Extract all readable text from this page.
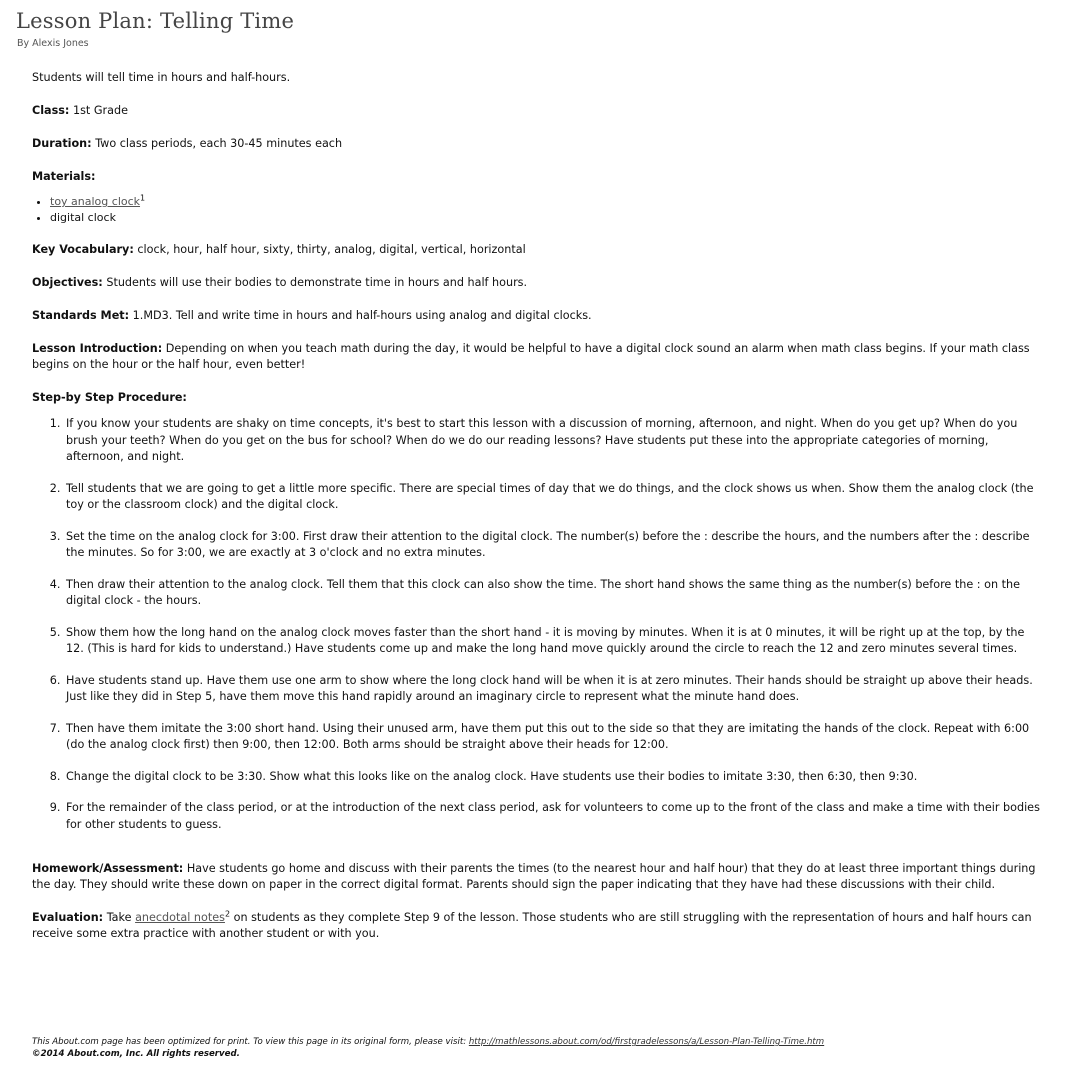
Lesson Plan: Telling Time
By Alexis Jones

Students will tell time in hours and half-hours.

Class: 1st Grade

Duration: Two class periods, each 30-45 minutes each

Materials:

• toy analog clock$^1$
• digital clock

Key Vocabulary: clock, hour, half hour, sixty, thirty, analog, digital, vertical, horizontal

Objectives: Students will use their bodies to demonstrate time in hours and half hours.

Standards Met: 1.MD3. Tell and write time in hours and half-hours using analog and digital clocks.

Lesson Introduction: Depending on when you teach math during the day, it would be helpful to have a digital clock sound an alarm when math class begins. If your math class begins on the hour or the half hour, even better!

Step-by Step Procedure:

1. If you know your students are shaky on time concepts, it's best to start this lesson with a discussion of morning, afternoon, and night. When do you get up? When do you brush your teeth? When do you get on the bus for school? When do we do our reading lessons? Have students put these into the appropriate categories of morning, afternoon, and night.
2. Tell students that we are going to get a little more specific. There are special times of day that we do things, and the clock shows us when. Show them the analog clock (the toy or the classroom clock) and the digital clock.
3. Set the time on the analog clock for 3:00. First draw their attention to the digital clock. The number(s) before the : describe the hours, and the numbers after the : describe the minutes. So for 3:00, we are exactly at 3 o'clock and no extra minutes.
4. Then draw their attention to the analog clock. Tell them that this clock can also show the time. The short hand shows the same thing as the number(s) before the : on the digital clock - the hours.
5. Show them how the long hand on the analog clock moves faster than the short hand - it is moving by minutes. When it is at 0 minutes, it will be right up at the top, by the 12. (This is hard for kids to understand.) Have students come up and make the long hand move quickly around the circle to reach the 12 and zero minutes several times.
6. Have students stand up. Have them use one arm to show where the long clock hand will be when it is at zero minutes. Their hands should be straight up above their heads. Just like they did in Step 5, have them move this hand rapidly around an imaginary circle to represent what the minute hand does.
7. Then have them imitate the 3:00 short hand. Using their unused arm, have them put this out to the side so that they are imitating the hands of the clock. Repeat with 6:00 (do the analog clock first) then 9:00, then 12:00. Both arms should be straight above their heads for 12:00.
8. Change the digital clock to be 3:30. Show what this looks like on the analog clock. Have students use their bodies to imitate 3:30, then 6:30, then 9:30.
9. For the remainder of the class period, or at the introduction of the next class period, ask for volunteers to come up to the front of the class and make a time with their bodies for other students to guess.

Homework/Assessment: Have students go home and discuss with their parents the times (to the nearest hour and half hour) that they do at least three important things during the day. They should write these down on paper in the correct digital format. Parents should sign the paper indicating that they have had these discussions with their child.

Evaluation: Take anecdotal notes$^2$ on students as they complete Step 9 of the lesson. Those students who are still struggling with the representation of hours and half hours can receive some extra practice with another student or with you.

This About.com page has been optimized for print. To view this page in its original form, please visit: http://mathlessons.about.com/od/firstgradelessons/a/Lesson-Plan-Telling-Time.htm
©2014 About.com, Inc. All rights reserved.
